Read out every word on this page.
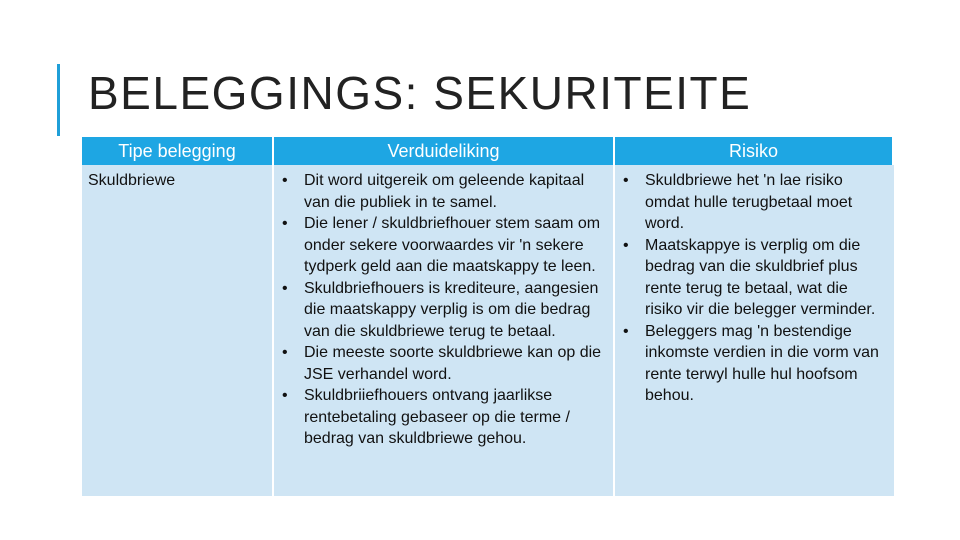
BELEGGINGS: SEKURITEITE
Tipe belegging	Verduideliking	Risiko
Skuldbriewe
•	Dit word uitgereik om geleende kapitaal van die publiek in te samel.
• Die lener / skuldbriefhouer stem saam om onder sekere voorwaardes vir 'n sekere tydperk geld aan die maatskappy te leen.
• Skuldbriefhouers is krediteure, aangesien die maatskappy verplig is om die bedrag van die skuldbriewe terug te betaal.
• Die meeste soorte skuldbriewe kan op die JSE verhandel word.
• Skuldbriiefhouers ontvang jaarlikse rentebetaling gebaseer op die terme / bedrag van skuldbriewe gehou.
• Skuldbriewe het 'n lae risiko omdat hulle terugbetaal moet word.
• Maatskappye is verplig om die bedrag van die skuldbrief plus rente terug te betaal, wat die risiko vir die belegger verminder.
• Beleggers mag 'n bestendige inkomste verdien in die vorm van rente terwyl hulle hul hoofsom behou.
